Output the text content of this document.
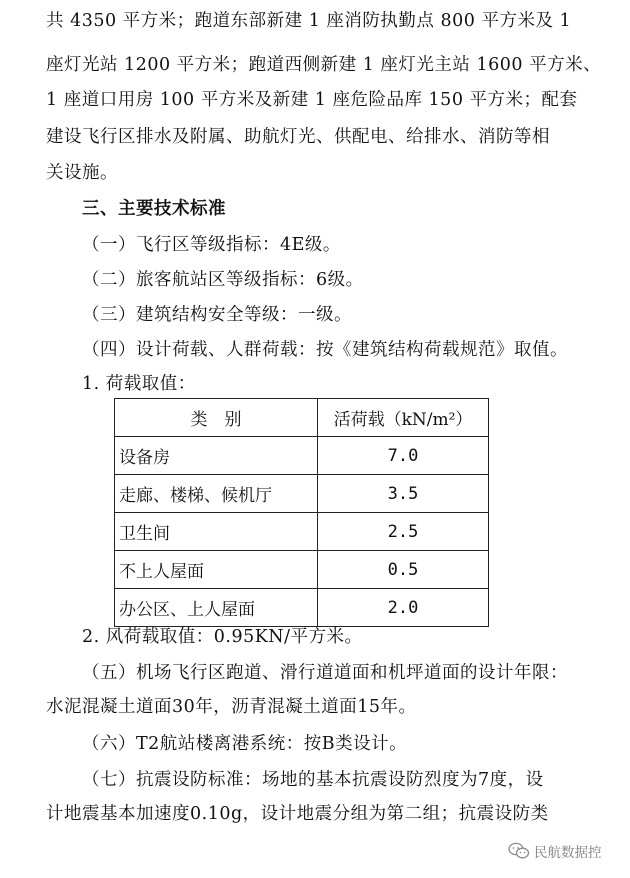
共 4350 平方米；跑道东部新建 1 座消防执勤点 800 平方米及 1
座灯光站 1200 平方米；跑道西侧新建 1 座灯光主站 1600 平方米、
1 座道口用房 100 平方米及新建 1 座危险品库 150 平方米；配套
建设飞行区排水及附属、助航灯光、供配电、给排水、消防等相
关设施。
三、主要技术标准
（一）飞行区等级指标：4E级。
（二）旅客航站区等级指标：6级。
（三）建筑结构安全等级：一级。
（四）设计荷载、人群荷载：按《建筑结构荷载规范》取值。
1. 荷载取值：
类　别	活荷载（kN/m²）
设备房	7.0
走廊、楼梯、候机厅	3.5
卫生间	2.5
不上人屋面	0.5
办公区、上人屋面	2.0
2. 风荷载取值：0.95KN/平方米。
（五）机场飞行区跑道、滑行道道面和机坪道面的设计年限：
水泥混凝土道面30年，沥青混凝土道面15年。
（六）T2航站楼离港系统：按B类设计。
（七）抗震设防标准：场地的基本抗震设防烈度为7度，设
计地震基本加速度0.10g，设计地震分组为第二组；抗震设防类
民航数据控
